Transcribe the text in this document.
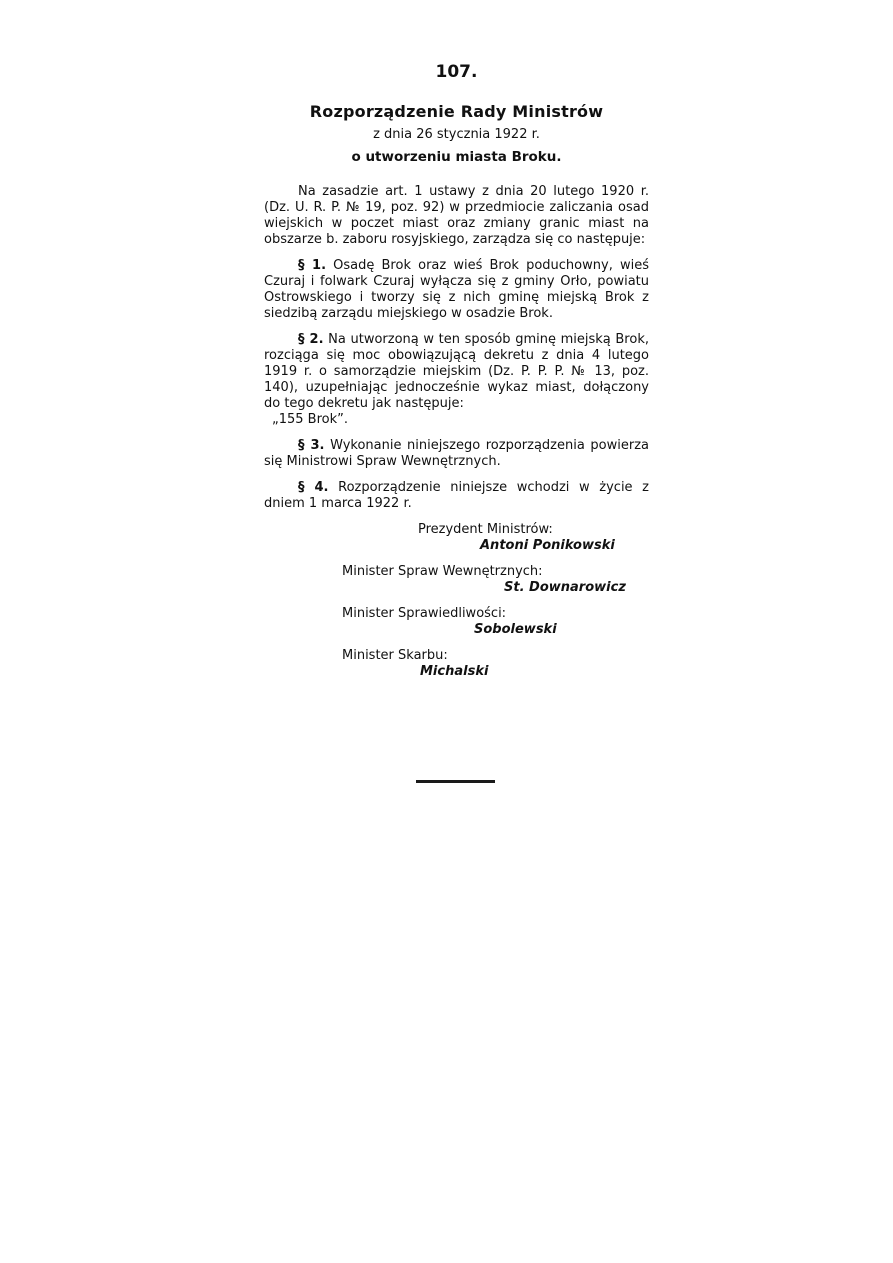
107.
Rozporządzenie Rady Ministrów
z dnia 26 stycznia 1922 r.
o utworzeniu miasta Broku.

Na zasadzie art. 1 ustawy z dnia 20 lutego 1920 r. (Dz. U. R. P. № 19, poz. 92) w przedmiocie zaliczania osad wiejskich w poczet miast oraz zmiany granic miast na obszarze b. zaboru rosyjskiego, zarządza się co następuje:

§ 1. Osadę Brok oraz wieś Brok poduchowny, wieś Czuraj i folwark Czuraj wyłącza się z gminy Orło, powiatu Ostrowskiego i tworzy się z nich gminę miejską Brok z siedzibą zarządu miejskiego w osadzie Brok.

§ 2. Na utworzoną w ten sposób gminę miejską Brok, rozciąga się moc obowiązującą dekretu z dnia 4 lutego 1919 r. o samorządzie miejskim (Dz. P. P. P. № 13, poz. 140), uzupełniając jednocześnie wykaz miast, dołączony do tego dekretu jak następuje:
„155 Brok”.

§ 3. Wykonanie niniejszego rozporządzenia powierza się Ministrowi Spraw Wewnętrznych.

§ 4. Rozporządzenie niniejsze wchodzi w życie z dniem 1 marca 1922 r.

Prezydent Ministrów:
Antoni Ponikowski
Minister Spraw Wewnętrznych:
St. Downarowicz
Minister Sprawiedliwości:
Sobolewski
Minister Skarbu:
Michalski
